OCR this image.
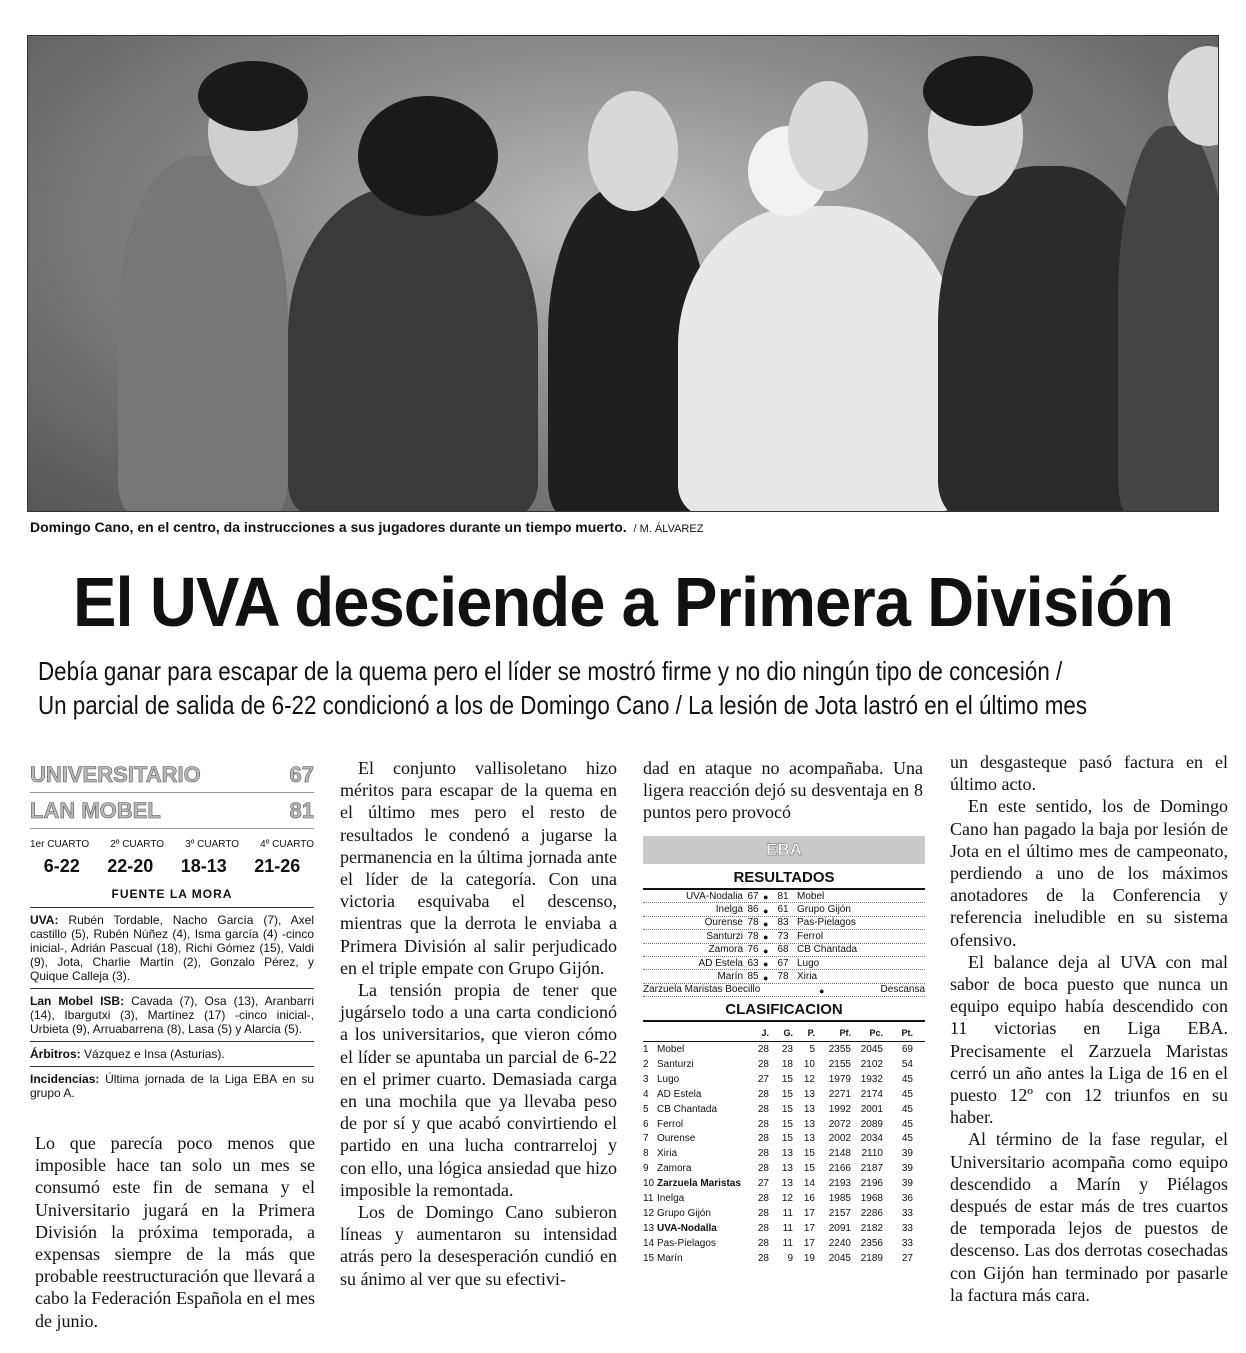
Domingo Cano, en el centro, da instrucciones a sus jugadores durante un tiempo muerto. / M. ÁLVAREZ
El UVA desciende a Primera División
Debía ganar para escapar de la quema pero el líder se mostró firme y no dio ningún tipo de concesión /
Un parcial de salida de 6-22 condicionó a los de Domingo Cano / La lesión de Jota lastró en el último mes
UNIVERSITARIO	67
LAN MOBEL	81
1er CUARTO 2º CUARTO 3º CUARTO 4º CUARTO
6-22 22-20 18-13 21-26
FUENTE LA MORA
UVA: Rubén Tordable, Nacho García (7), Axel castillo (5), Rubén Núñez (4), Isma garcía (4) -cinco inicial-, Adrián Pascual (18), Richi Gómez (15), Valdi (9), Jota, Charlie Martín (2), Gonzalo Pérez, y Quique Calleja (3).
Lan Mobel ISB: Cavada (7), Osa (13), Aranbarri (14), Ibargutxi (3), Martínez (17) -cinco inicial-, Urbieta (9), Arruabarrena (8), Lasa (5) y Alarcia (5).
Árbitros: Vázquez e Insa (Asturias).
Incidencias: Última jornada de la Liga EBA en su grupo A.

Lo que parecía poco menos que imposible hace tan solo un mes se consumó este fin de semana y el Universitario jugará en la Primera División la próxima temporada, a expensas siempre de la más que probable reestructuración que llevará a cabo la Federación Española en el mes de junio.

El conjunto vallisoletano hizo méritos para escapar de la quema en el último mes pero el resto de resultados le condenó a jugarse la permanencia en la última jornada ante el líder de la categoría. Con una victoria esquivaba el descenso, mientras que la derrota le enviaba a Primera División al salir perjudicado en el triple empate con Grupo Gijón.

La tensión propia de tener que jugárselo todo a una carta condicionó a los universitarios, que vieron cómo el líder se apuntaba un parcial de 6-22 en el primer cuarto. Demasiada carga en una mochila que ya llevaba peso de por sí y que acabó convirtiendo el partido en una lucha contrarreloj y con ello, una lógica ansiedad que hizo imposible la remontada.

Los de Domingo Cano subieron líneas y aumentaron su intensidad atrás pero la desesperación cundió en su ánimo al ver que su efectivi-

dad en ataque no acompañaba. Una ligera reacción dejó su desventaja en 8 puntos pero provocó

EBA
RESULTADOS
UVA-Nodalia 67 ●	81 Mobel
Inelga 86 ●	61 Grupo Gijón
Ourense 78 ●	83 Pas-Pielagos
Santurzi 78 ●	73 Ferrol
Zamora 76 ●	68 CB Chantada
AD Estela 63 ●	67 Lugo
Marín 85 ●	78 Xiria
Zarzuela Maristas Boecillo ●	Descansa
CLASIFICACION
J.	G.	P.	Pf.	Pc.	Pt.
1 Mobel	28	23	5	2355 2045	69
2 Santurzi	28	18	10	2155 2102	54
3 Lugo	27	15	12	1979 1932	45
4 AD Estela	28	15	13	2271 2174	45
5 CB Chantada	28	15	13	1992 2001	45
6 Ferrol	28	15	13	2072 2089	45
7 Ourense	28	15	13	2002 2034	45
8 Xiria	28	13	15	2148	2110	39
9 Zamora	28	13	15	2166 2187	39
10 Zarzuela Maristas	27	13	14	2193 2196	39
11 Inelga	28	12	16	1985 1968	36
12 Grupo Gijón	28	11	17	2157 2286	33
13 UVA-Nodalla	28	11	17	2091 2182	33
14 Pas-Pielagos	28	11	17	2240 2356	33
15 Marín	28	9	19	2045 2189	27

un desgasteque pasó factura en el último acto.

En este sentido, los de Domingo Cano han pagado la baja por lesión de Jota en el último mes de campeonato, perdiendo a uno de los máximos anotadores de la Conferencia y referencia ineludible en su sistema ofensivo.

El balance deja al UVA con mal sabor de boca puesto que nunca un equipo equipo había descendido con 11 victorias en Liga EBA. Precisamente el Zarzuela Maristas cerró un año antes la Liga de 16 en el puesto 12º con 12 triunfos en su haber.

Al término de la fase regular, el Universitario acompaña como equipo descendido a Marín y Piélagos después de estar más de tres cuartos de temporada lejos de puestos de descenso. Las dos derrotas cosechadas con Gijón han terminado por pasarle la factura más cara.
